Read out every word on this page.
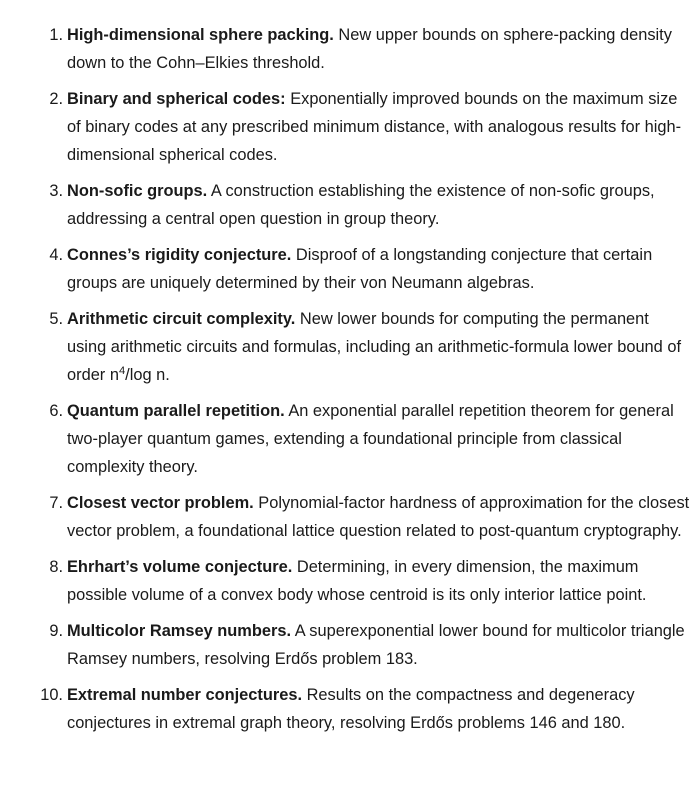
1. High-dimensional sphere packing. New upper bounds on sphere-packing density down to the Cohn–Elkies threshold.
2. Binary and spherical codes: Exponentially improved bounds on the maximum size of binary codes at any prescribed minimum distance, with analogous results for high-dimensional spherical codes.
3. Non-sofic groups. A construction establishing the existence of non-sofic groups, addressing a central open question in group theory.
4. Connes’s rigidity conjecture. Disproof of a longstanding conjecture that certain groups are uniquely determined by their von Neumann algebras.
5. Arithmetic circuit complexity. New lower bounds for computing the permanent using arithmetic circuits and formulas, including an arithmetic-formula lower bound of order $n^4/\log$ n.
6. Quantum parallel repetition. An exponential parallel repetition theorem for general two-player quantum games, extending a foundational principle from classical complexity theory.
7. Closest vector problem. Polynomial-factor hardness of approximation for the closest vector problem, a foundational lattice question related to post-quantum cryptography.
8. Ehrhart’s volume conjecture. Determining, in every dimension, the maximum possible volume of a convex body whose centroid is its only interior lattice point.
9. Multicolor Ramsey numbers. A superexponential lower bound for multicolor triangle Ramsey numbers, resolving Erdős problem 183.
10. Extremal number conjectures. Results on the compactness and degeneracy conjectures in extremal graph theory, resolving Erdős problems 146 and 180.
